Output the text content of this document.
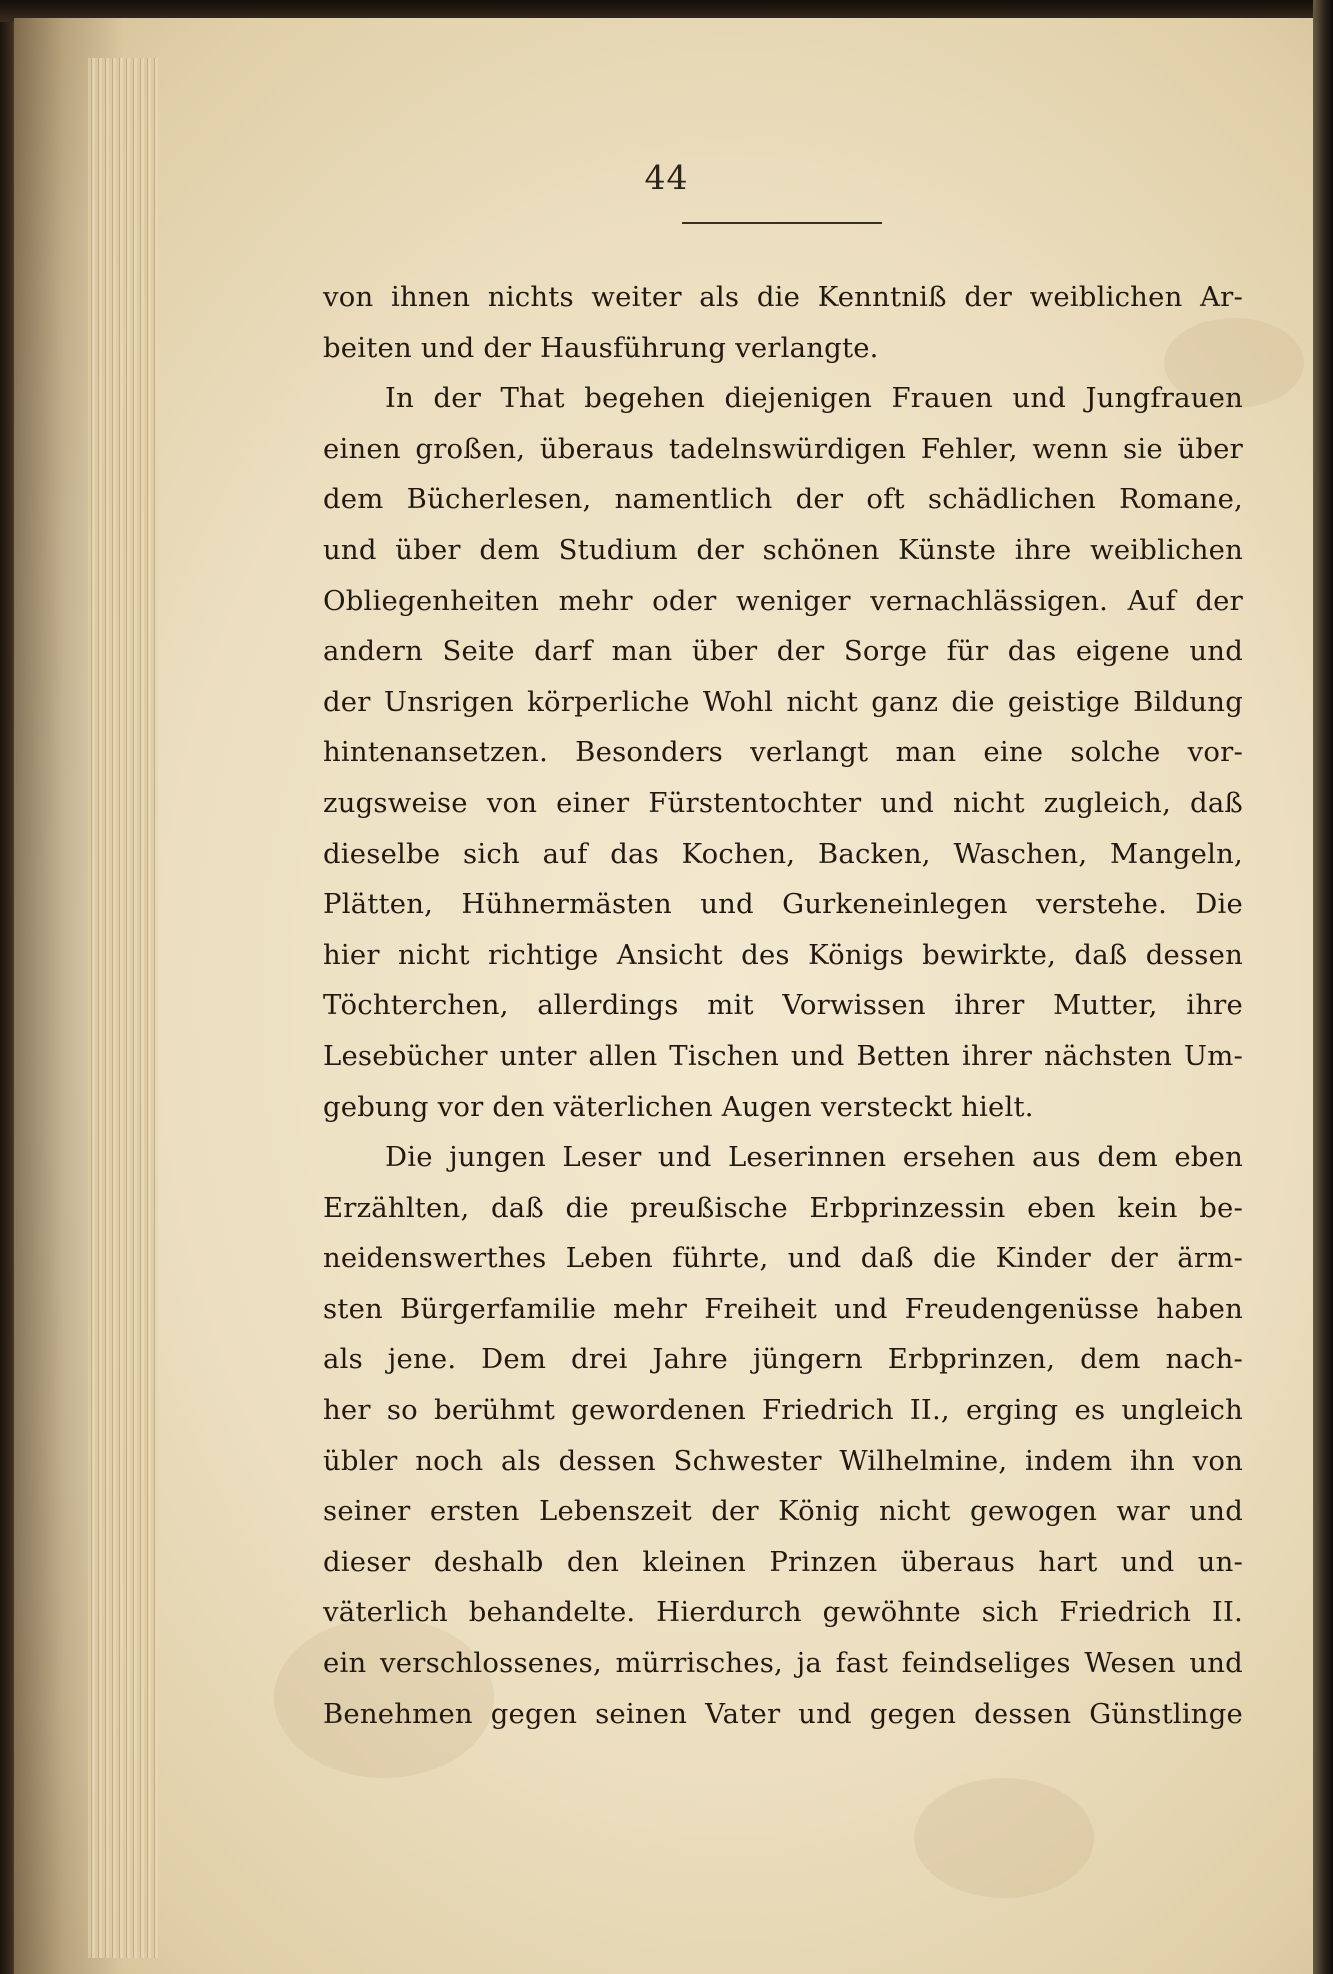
44
von ihnen nichts weiter als die Kenntniß der weiblichen Ar-
beiten und der Hausführung verlangte.
In der That begehen diejenigen Frauen und Jungfrauen
einen großen, überaus tadelnswürdigen Fehler, wenn sie über
dem Bücherlesen, namentlich der oft schädlichen Romane,
und über dem Studium der schönen Künste ihre weiblichen
Obliegenheiten mehr oder weniger vernachlässigen. Auf der
andern Seite darf man über der Sorge für das eigene und
der Unsrigen körperliche Wohl nicht ganz die geistige Bildung
hintenansetzen. Besonders verlangt man eine solche vor-
zugsweise von einer Fürstentochter und nicht zugleich, daß
dieselbe sich auf das Kochen, Backen, Waschen, Mangeln,
Plätten, Hühnermästen und Gurkeneinlegen verstehe. Die
hier nicht richtige Ansicht des Königs bewirkte, daß dessen
Töchterchen, allerdings mit Vorwissen ihrer Mutter, ihre
Lesebücher unter allen Tischen und Betten ihrer nächsten Um-
gebung vor den väterlichen Augen versteckt hielt.
Die jungen Leser und Leserinnen ersehen aus dem eben
Erzählten, daß die preußische Erbprinzessin eben kein be-
neidenswerthes Leben führte, und daß die Kinder der ärm-
sten Bürgerfamilie mehr Freiheit und Freudengenüsse haben
als jene. Dem drei Jahre jüngern Erbprinzen, dem nach-
her so berühmt gewordenen Friedrich II., erging es ungleich
übler noch als dessen Schwester Wilhelmine, indem ihn von
seiner ersten Lebenszeit der König nicht gewogen war und
dieser deshalb den kleinen Prinzen überaus hart und un-
väterlich behandelte. Hierdurch gewöhnte sich Friedrich II.
ein verschlossenes, mürrisches, ja fast feindseliges Wesen und
Benehmen gegen seinen Vater und gegen dessen Günstlinge
